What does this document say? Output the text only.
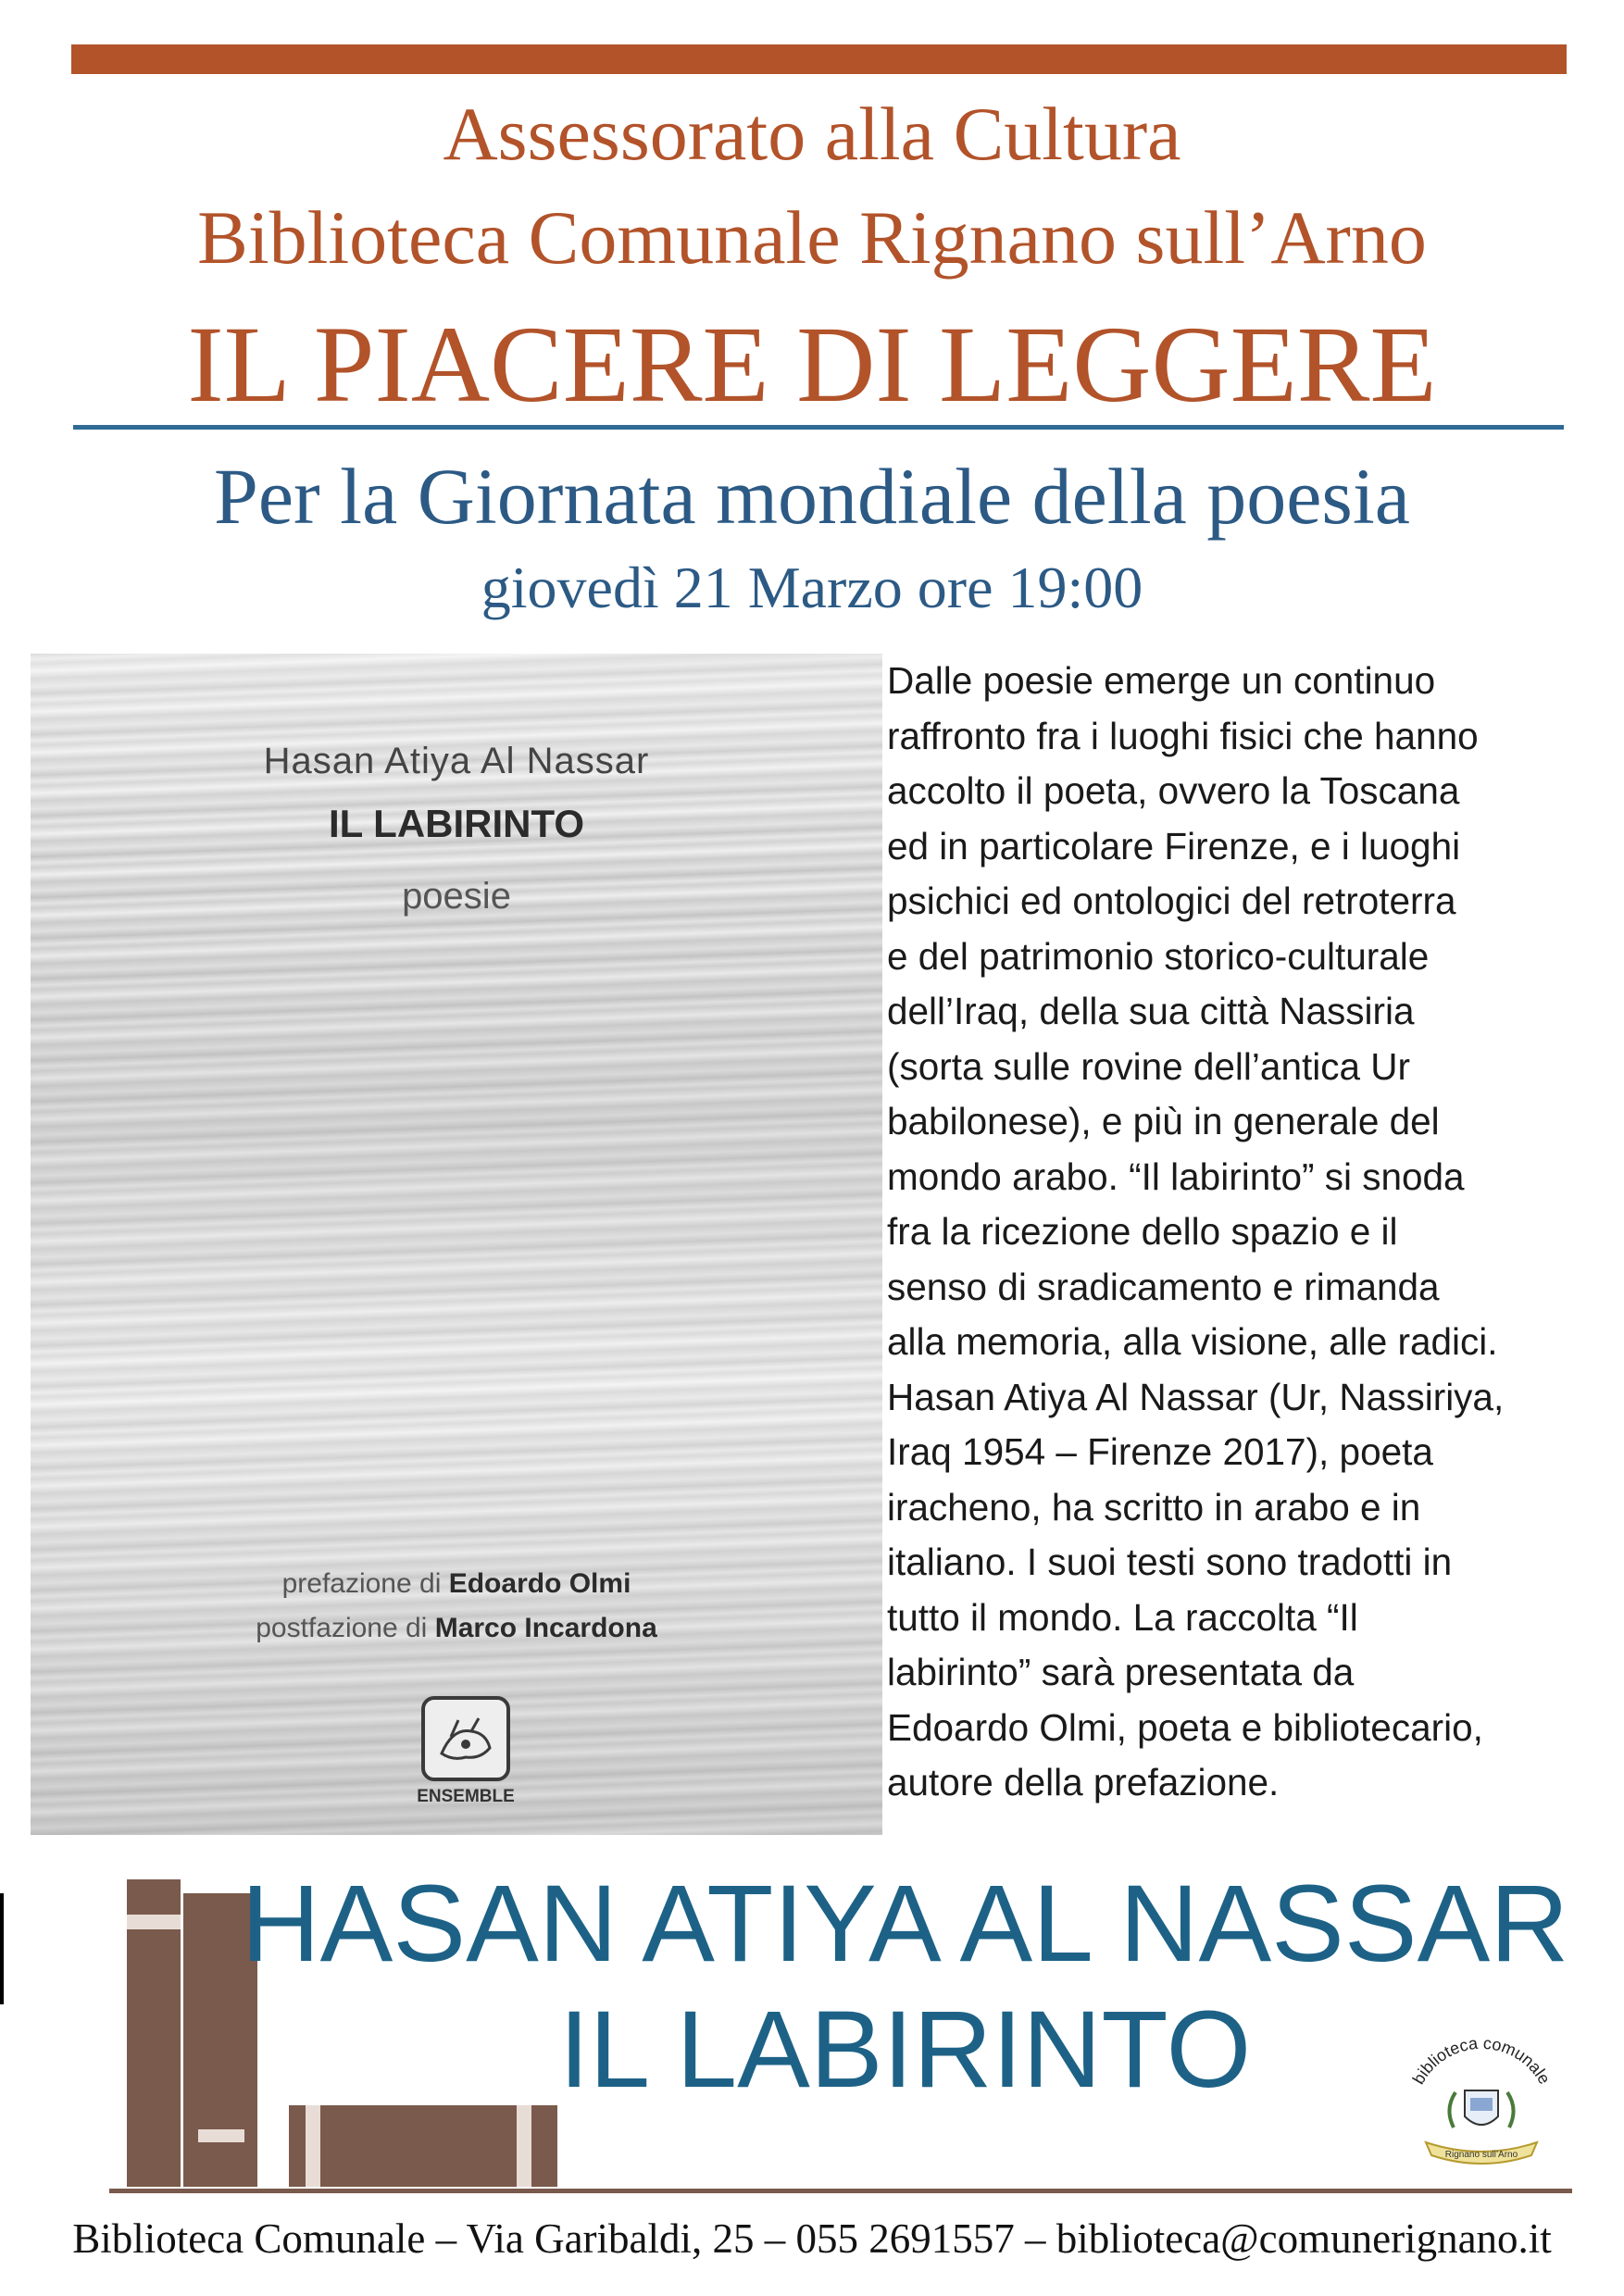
Assessorato alla Cultura
Biblioteca Comunale Rignano sull’Arno
IL PIACERE DI LEGGERE
Per la Giornata mondiale della poesia
giovedì 21 Marzo ore 19:00
Hasan Atiya Al Nassar
IL LABIRINTO
poesie
prefazione di Edoardo Olmi
postfazione di Marco Incardona
ENSEMBLE
Dalle poesie emerge un continuo
raffronto fra i luoghi fisici che hanno
accolto il poeta, ovvero la Toscana
ed in particolare Firenze, e i luoghi
psichici ed ontologici del retroterra
e del patrimonio storico-culturale
dell’Iraq, della sua città Nassiria
(sorta sulle rovine dell’antica Ur
babilonese), e più in generale del
mondo arabo. “Il labirinto” si snoda
fra la ricezione dello spazio e il
senso di sradicamento e rimanda
alla memoria, alla visione, alle radici.
Hasan Atiya Al Nassar (Ur, Nassiriya,
Iraq 1954 – Firenze 2017), poeta
iracheno, ha scritto in arabo e in
italiano. I suoi testi sono tradotti in
tutto il mondo. La raccolta “Il
labirinto” sarà presentata da
Edoardo Olmi, poeta e bibliotecario,
autore della prefazione.
HASAN ATIYA AL NASSAR
IL LABIRINTO	biblioteca comunale
Rignano sull’Arno
Biblioteca Comunale – Via Garibaldi, 25 – 055 2691557 – biblioteca@comunerignano.it
